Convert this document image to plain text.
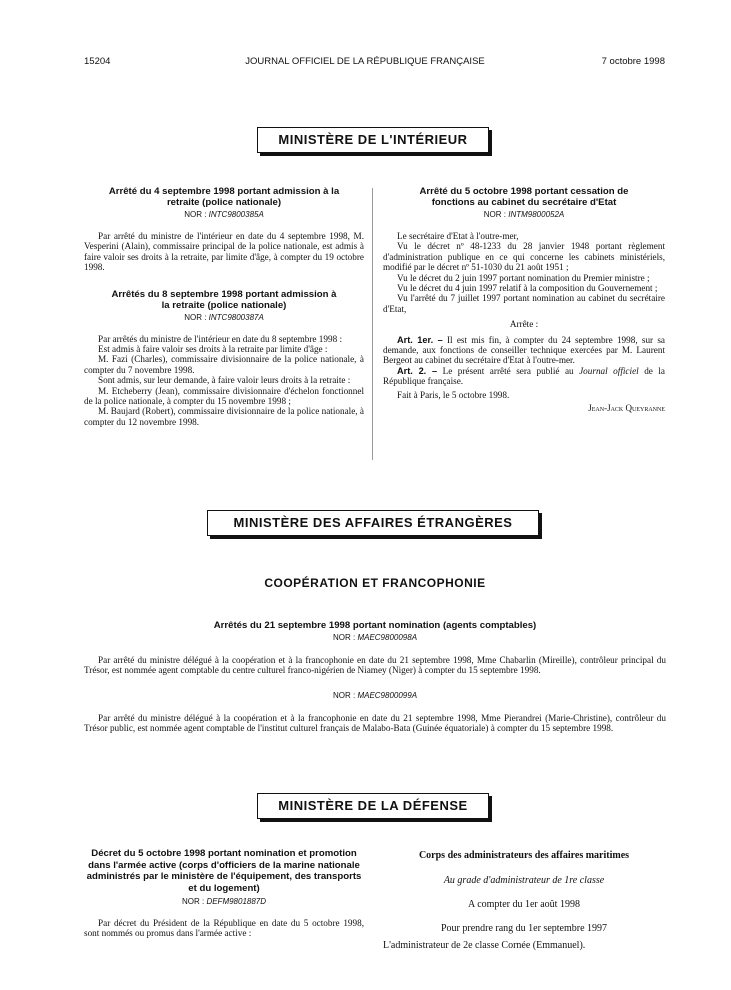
15204	JOURNAL OFFICIEL DE LA RÉPUBLIQUE FRANÇAISE	7 octobre 1998
MINISTÈRE DE L'INTÉRIEUR
Arrêté du 4 septembre 1998 portant admission à la retraite (police nationale)
NOR : INTC9800385A

Par arrêté du ministre de l'intérieur en date du 4 septembre 1998, M. Vesperini (Alain), commissaire principal de la police nationale, est admis à faire valoir ses droits à la retraite, par limite d'âge, à compter du 19 octobre 1998.

Arrêtés du 8 septembre 1998 portant admission à la retraite (police nationale)
NOR : INTC9800387A

Par arrêtés du ministre de l'intérieur en date du 8 septembre 1998 :

Est admis à faire valoir ses droits à la retraite par limite d'âge :

M. Fazi (Charles), commissaire divisionnaire de la police nationale, à compter du 7 novembre 1998.

Sont admis, sur leur demande, à faire valoir leurs droits à la retraite :

M. Etcheberry (Jean), commissaire divisionnaire d'échelon fonctionnel de la police nationale, à compter du 15 novembre 1998 ;

M. Baujard (Robert), commissaire divisionnaire de la police nationale, à compter du 12 novembre 1998.

Arrêté du 5 octobre 1998 portant cessation de fonctions au cabinet du secrétaire d'Etat
NOR : INTM9800052A

Le secrétaire d'Etat à l'outre-mer,

Vu le décret nº 48-1233 du 28 janvier 1948 portant règlement d'administration publique en ce qui concerne les cabinets ministériels, modifié par le décret nº 51-1030 du 21 août 1951 ;

Vu le décret du 2 juin 1997 portant nomination du Premier ministre ;

Vu le décret du 4 juin 1997 relatif à la composition du Gouvernement ;

Vu l'arrêté du 7 juillet 1997 portant nomination au cabinet du secrétaire d'Etat,

Arrête :

Art. 1er. – Il est mis fin, à compter du 24 septembre 1998, sur sa demande, aux fonctions de conseiller technique exercées par M. Laurent Bergeot au cabinet du secrétaire d'Etat à l'outre-mer.

Art. 2. – Le présent arrêté sera publié au Journal officiel de la République française.

Fait à Paris, le 5 octobre 1998.

Jean-Jack Queyranne

MINISTÈRE DES AFFAIRES ÉTRANGÈRES
COOPÉRATION ET FRANCOPHONIE
Arrêtés du 21 septembre 1998 portant nomination (agents comptables)
NOR : MAEC9800098A

Par arrêté du ministre délégué à la coopération et à la francophonie en date du 21 septembre 1998, Mme Chabarlin (Mireille), contrôleur principal du Trésor, est nommée agent comptable du centre culturel franco-nigérien de Niamey (Niger) à compter du 15 septembre 1998.

NOR : MAEC9800099A

Par arrêté du ministre délégué à la coopération et à la francophonie en date du 21 septembre 1998, Mme Pierandrei (Marie-Christine), contrôleur du Trésor public, est nommée agent comptable de l'institut culturel français de Malabo-Bata (Guinée équatoriale) à compter du 15 septembre 1998.

MINISTÈRE DE LA DÉFENSE
Décret du 5 octobre 1998 portant nomination et promotion dans l'armée active (corps d'officiers de la marine nationale administrés par le ministère de l'équipement, des transports et du logement)
NOR : DEFM9801887D

Par décret du Président de la République en date du 5 octobre 1998, sont nommés ou promus dans l'armée active :

Corps des administrateurs des affaires maritimes
Au grade d'administrateur de 1re classe
A compter du 1er août 1998
Pour prendre rang du 1er septembre 1997
L'administrateur de 2e classe Cornée (Emmanuel).
